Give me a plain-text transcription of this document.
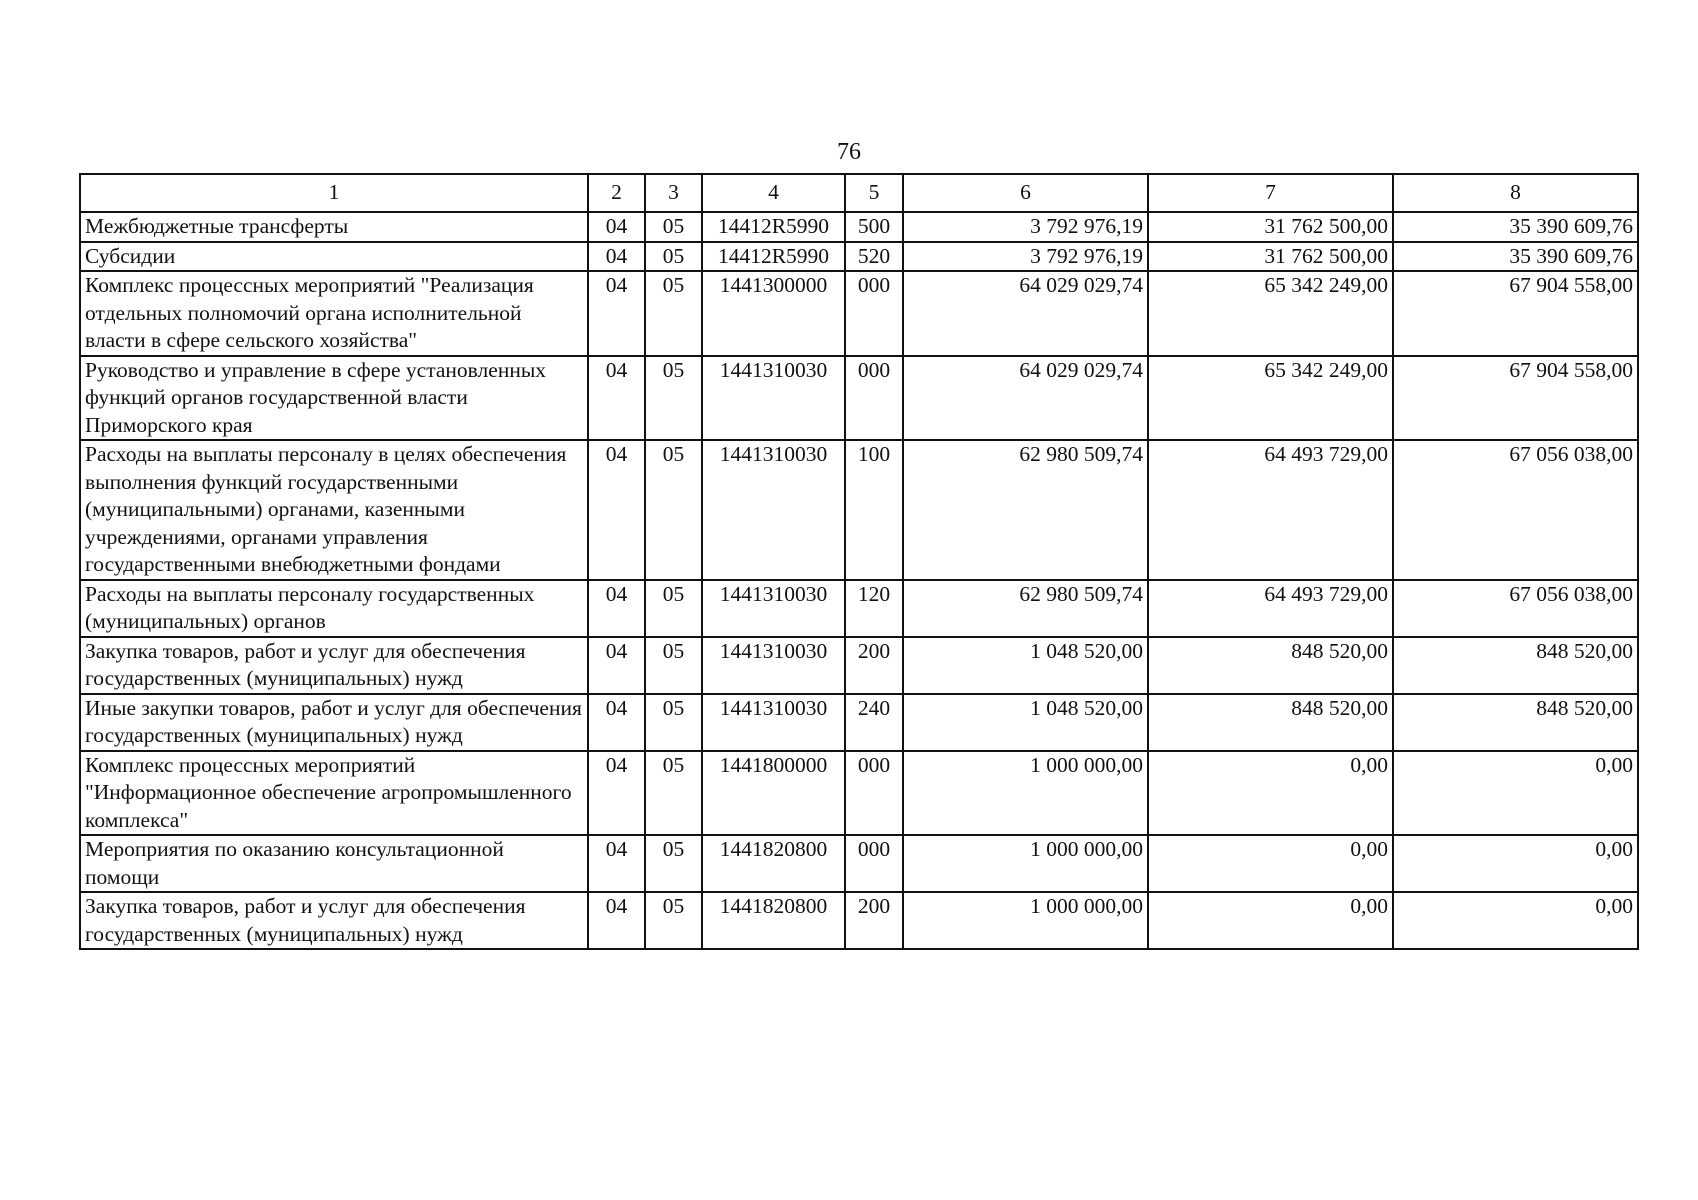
76
1	2	3	4	5	6	7	8
Межбюджетные трансферты	04	05	14412R5990	500	3 792 976,19	31 762 500,00	35 390 609,76
Субсидии	04	05	14412R5990	520	3 792 976,19	31 762 500,00	35 390 609,76
Комплекс процессных мероприятий "Реализация отдельных полномочий органа исполнительной власти в сфере сельского хозяйства"	04	05	1441300000	000	64 029 029,74	65 342 249,00	67 904 558,00
Руководство и управление в сфере установленных функций органов государственной власти Приморского края	04	05	1441310030	000	64 029 029,74	65 342 249,00	67 904 558,00
Расходы на выплаты персоналу в целях обеспечения выполнения функций государственными (муниципальными) органами, казенными учреждениями, органами управления государственными внебюджетными фондами	04	05	1441310030	100	62 980 509,74	64 493 729,00	67 056 038,00
Расходы на выплаты персоналу государственных (муниципальных) органов	04	05	1441310030	120	62 980 509,74	64 493 729,00	67 056 038,00
Закупка товаров, работ и услуг для обеспечения государственных (муниципальных) нужд	04	05	1441310030	200	1 048 520,00	848 520,00	848 520,00
Иные закупки товаров, работ и услуг для обеспечения государственных (муниципальных) нужд	04	05	1441310030	240	1 048 520,00	848 520,00	848 520,00
Комплекс процессных мероприятий "Информационное обеспечение агропромышленного комплекса"	04	05	1441800000	000	1 000 000,00	0,00	0,00
Мероприятия по оказанию консультационной помощи	04	05	1441820800	000	1 000 000,00	0,00	0,00
Закупка товаров, работ и услуг для обеспечения государственных (муниципальных) нужд	04	05	1441820800	200	1 000 000,00	0,00	0,00
